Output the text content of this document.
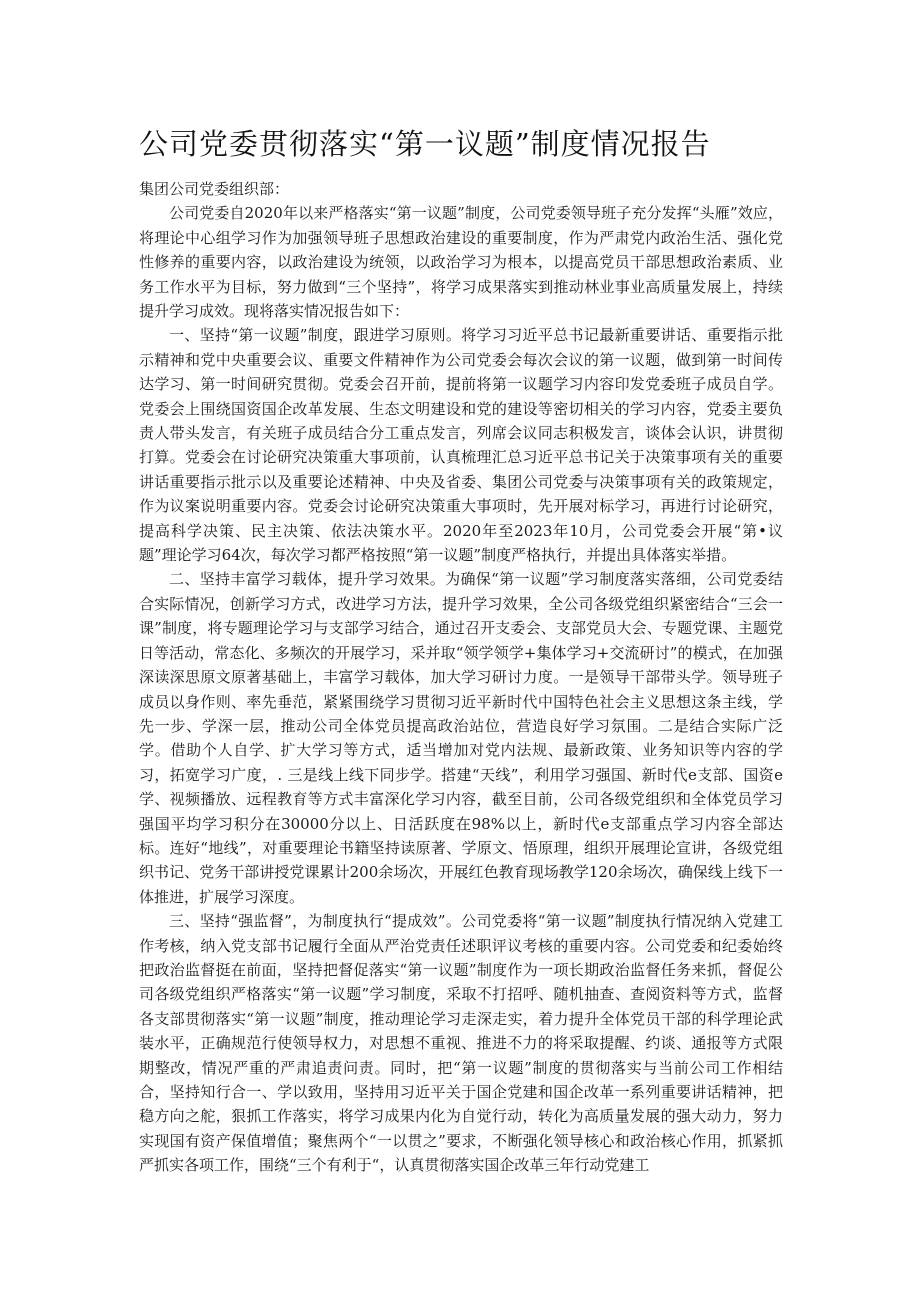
公司党委贯彻落实“第一议题”制度情况报告

集团公司党委组织部：

公司党委自2020年以来严格落实“第一议题”制度，公司党委领导班子充分发挥“头雁”效应，将理论中心组学习作为加强领导班子思想政治建设的重要制度，作为严肃党内政治生活、强化党性修养的重要内容，以政治建设为统领，以政治学习为根本，以提高党员干部思想政治素质、业务工作水平为目标，努力做到“三个坚持”，将学习成果落实到推动林业事业高质量发展上，持续提升学习成效。现将落实情况报告如下：

一、坚持“第一议题”制度，跟进学习原则。将学习习近平总书记最新重要讲话、重要指示批示精神和党中央重要会议、重要文件精神作为公司党委会每次会议的第一议题，做到第一时间传达学习、第一时间研究贯彻。党委会召开前，提前将第一议题学习内容印发党委班子成员自学。党委会上围绕国资国企改革发展、生态文明建设和党的建设等密切相关的学习内容，党委主要负责人带头发言，有关班子成员结合分工重点发言，列席会议同志积极发言，谈体会认识，讲贯彻打算。党委会在讨论研究决策重大事项前，认真梳理汇总习近平总书记关于决策事项有关的重要讲话重要指示批示以及重要论述精神、中央及省委、集团公司党委与决策事项有关的政策规定，作为议案说明重要内容。党委会讨论研究决策重大事项时，先开展对标学习，再进行讨论研究，提高科学决策、民主决策、依法决策水平。2020年至2023年10月，公司党委会开展“第•议题”理论学习64次，每次学习都严格按照“第一议题”制度严格执行，并提出具体落实举措。

二、坚持丰富学习载体，提升学习效果。为确保“第一议题”学习制度落实落细，公司党委结合实际情况，创新学习方式，改进学习方法，提升学习效果，全公司各级党组织紧密结合“三会一课”制度，将专题理论学习与支部学习结合，通过召开支委会、支部党员大会、专题党课、主题党日等活动，常态化、多频次的开展学习，采并取“领学领学+集体学习+交流研讨”的模式，在加强深读深思原文原著基础上，丰富学习载体，加大学习研讨力度。一是领导干部带头学。领导班子成员以身作则、率先垂范，紧紧围绕学习贯彻习近平新时代中国特色社会主义思想这条主线，学先一步、学深一层，推动公司全体党员提高政治站位，营造良好学习氛围。二是结合实际广泛学。借助个人自学、扩大学习等方式，适当增加对党内法规、最新政策、业务知识等内容的学习，拓宽学习广度，. 三是线上线下同步学。搭建“天线”，利用学习强国、新时代e支部、国资e学、视频播放、远程教育等方式丰富深化学习内容，截至目前，公司各级党组织和全体党员学习强国平均学习积分在30000分以上、日活跃度在98%以上，新时代e支部重点学习内容全部达标。连好“地线”，对重要理论书籍坚持读原著、学原文、悟原理，组织开展理论宣讲，各级党组织书记、党务干部讲授党课累计200余场次，开展红色教育现场教学120余场次，确保线上线下一体推进，扩展学习深度。

三、坚持“强监督”，为制度执行“提成效”。公司党委将“第一议题”制度执行情况纳入党建工作考核，纳入党支部书记履行全面从严治党责任述职评议考核的重要内容。公司党委和纪委始终把政治监督挺在前面，坚持把督促落实“第一议题”制度作为一项长期政治监督任务来抓，督促公司各级党组织严格落实“第一议题”学习制度，采取不打招呼、随机抽查、查阅资料等方式，监督各支部贯彻落实“第一议题”制度，推动理论学习走深走实，着力提升全体党员干部的科学理论武装水平，正确规范行使领导权力，对思想不重视、推进不力的将采取提醒、约谈、通报等方式限期整改，情况严重的严肃追责问责。同时，把“第一议题”制度的贯彻落实与当前公司工作相结合，坚持知行合一、学以致用，坚持用习近平关于国企党建和国企改革一系列重要讲话精神，把稳方向之舵，狠抓工作落实，将学习成果内化为自觉行动，转化为高质量发展的强大动力，努力实现国有资产保值增值；聚焦两个“一以贯之”要求，不断强化领导核心和政治核心作用，抓紧抓严抓实各项工作，围绕“三个有利于“，认真贯彻落实国企改革三年行动党建工
